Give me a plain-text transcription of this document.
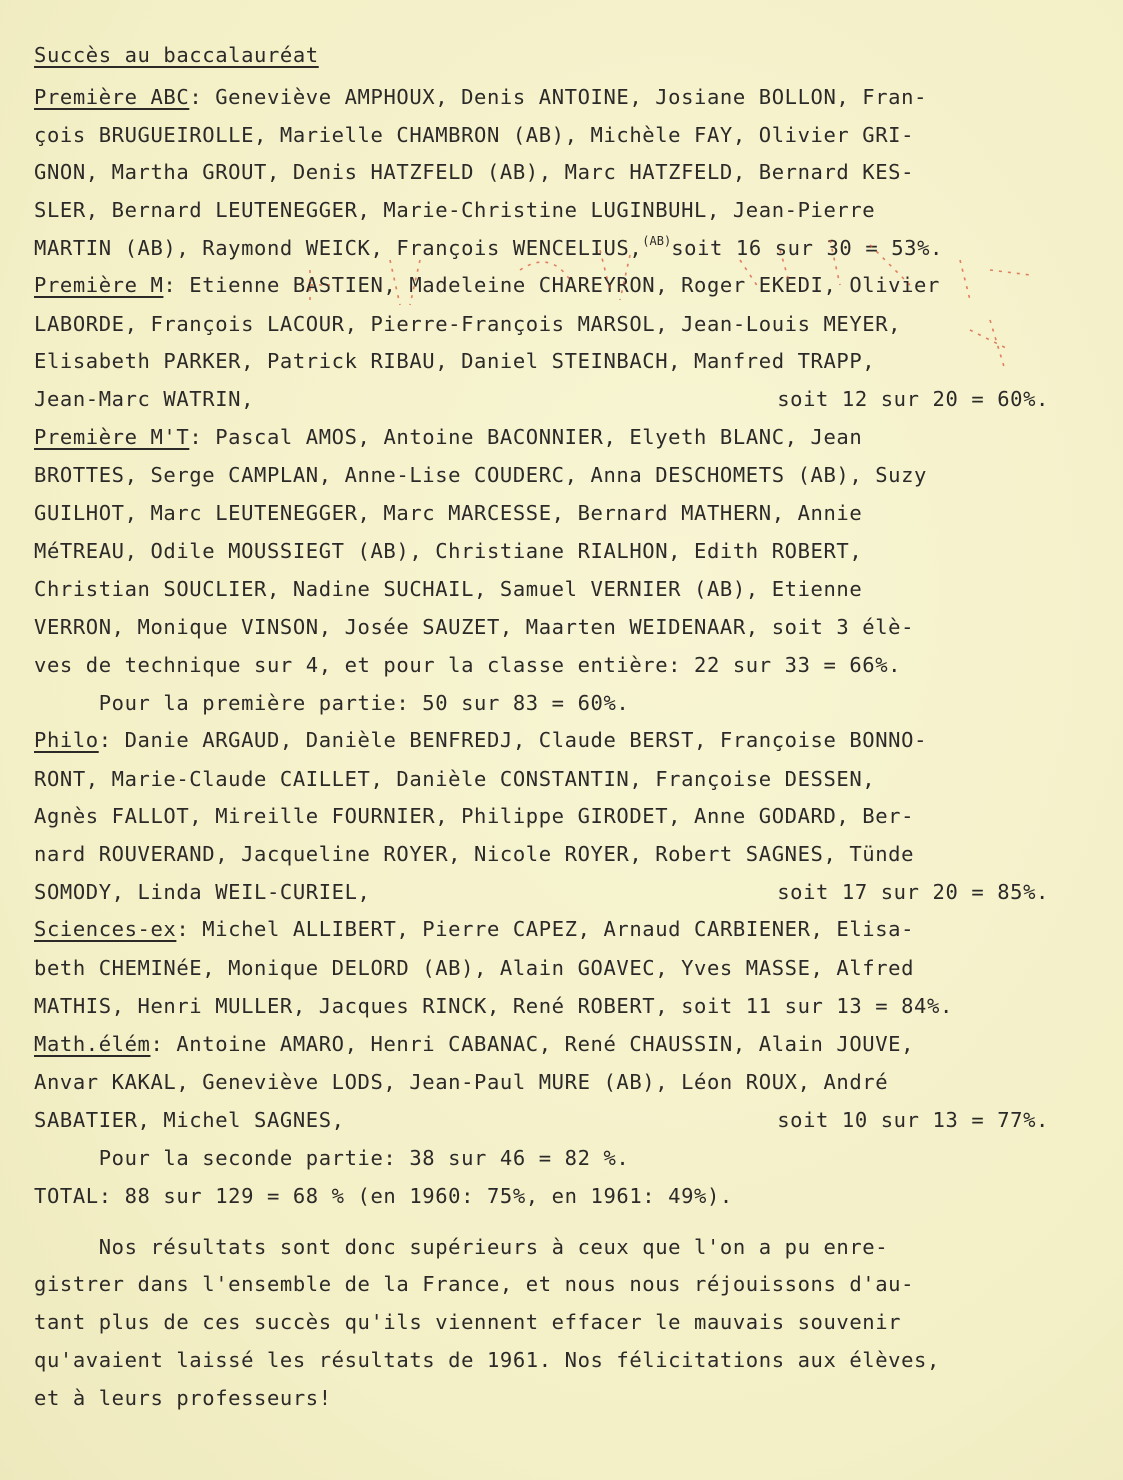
Succès au baccalauréat
Première ABC: Geneviève AMPHOUX, Denis ANTOINE, Josiane BOLLON, Fran-
çois BRUGUEIROLLE, Marielle CHAMBRON (AB), Michèle FAY, Olivier GRI-
GNON, Martha GROUT, Denis HATZFELD (AB), Marc HATZFELD, Bernard KES-
SLER, Bernard LEUTENEGGER, Marie-Christine LUGINBUHL, Jean-Pierre
MARTIN (AB), Raymond WEICK, François WENCELIUS,$^{(AB)}$soit 16 sur 30 = 53%.
Première M: Etienne BASTIEN, Madeleine CHAREYRON, Roger EKEDI, Olivier
LABORDE, François LACOUR, Pierre-François MARSOL, Jean-Louis MEYER,
Elisabeth PARKER, Patrick RIBAU, Daniel STEINBACH, Manfred TRAPP,
Jean-Marc WATRIN,	soit 12 sur 20 = 60%.
Première M'T: Pascal AMOS, Antoine BACONNIER, Elyeth BLANC, Jean
BROTTES, Serge CAMPLAN, Anne-Lise COUDERC, Anna DESCHOMETS (AB), Suzy
GUILHOT, Marc LEUTENEGGER, Marc MARCESSE, Bernard MATHERN, Annie
MéTREAU, Odile MOUSSIEGT (AB), Christiane RIALHON, Edith ROBERT,
Christian SOUCLIER, Nadine SUCHAIL, Samuel VERNIER (AB), Etienne
VERRON, Monique VINSON, Josée SAUZET, Maarten WEIDENAAR, soit 3 élè-
ves de technique sur 4, et pour la classe entière: 22 sur 33 = 66%.
Pour la première partie: 50 sur 83 = 60%.
Philo: Danie ARGAUD, Danièle BENFREDJ, Claude BERST, Françoise BONNO-
RONT, Marie-Claude CAILLET, Danièle CONSTANTIN, Françoise DESSEN,
Agnès FALLOT, Mireille FOURNIER, Philippe GIRODET, Anne GODARD, Ber-
nard ROUVERAND, Jacqueline ROYER, Nicole ROYER, Robert SAGNES, Tünde
SOMODY, Linda WEIL-CURIEL,	soit 17 sur 20 = 85%.
Sciences-ex: Michel ALLIBERT, Pierre CAPEZ, Arnaud CARBIENER, Elisa-
beth CHEMINéE, Monique DELORD (AB), Alain GOAVEC, Yves MASSE, Alfred
MATHIS, Henri MULLER, Jacques RINCK, René ROBERT, soit 11 sur 13 = 84%.
Math.élém: Antoine AMARO, Henri CABANAC, René CHAUSSIN, Alain JOUVE,
Anvar KAKAL, Geneviève LODS, Jean-Paul MURE (AB), Léon ROUX, André
SABATIER, Michel SAGNES,	soit 10 sur 13 = 77%.
Pour la seconde partie: 38 sur 46 = 82 %.
TOTAL: 88 sur 129 = 68 % (en 1960: 75%, en 1961: 49%).
Nos résultats sont donc supérieurs à ceux que l'on a pu enre-
gistrer dans l'ensemble de la France, et nous nous réjouissons d'au-
tant plus de ces succès qu'ils viennent effacer le mauvais souvenir
qu'avaient laissé les résultats de 1961. Nos félicitations aux élèves,
et à leurs professeurs!
